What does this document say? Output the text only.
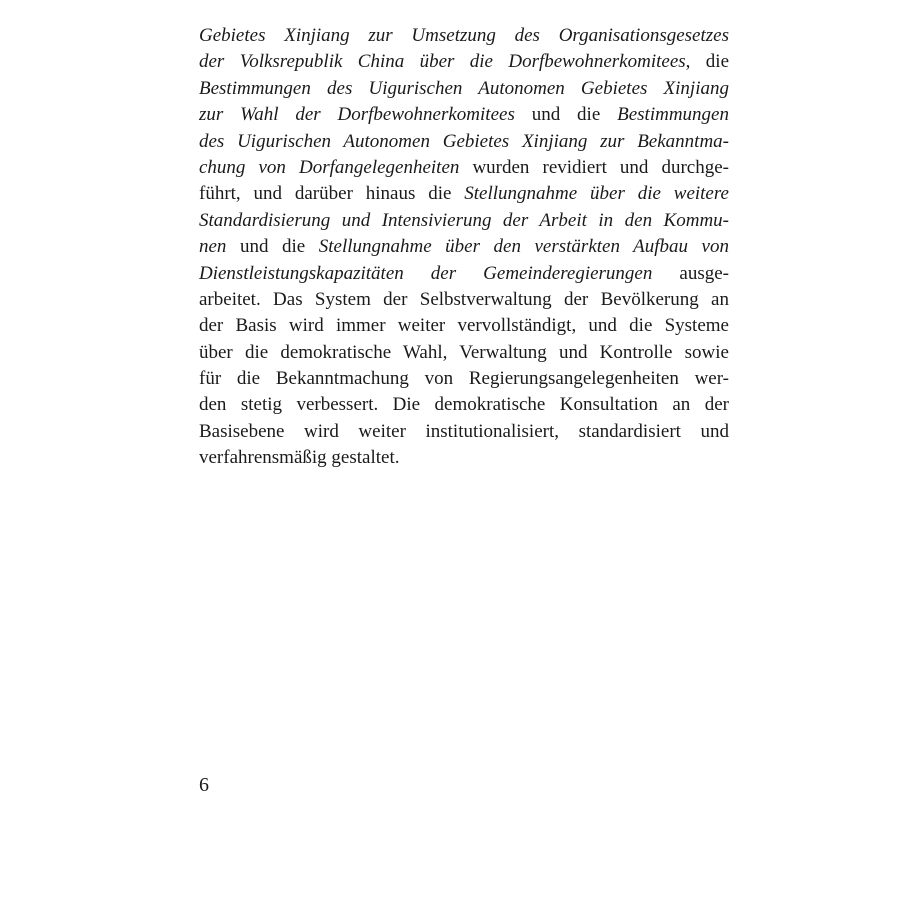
Gebietes Xinjiang zur Umsetzung des Organisationsgesetzes
der Volksrepublik China über die Dorfbewohnerkomitees, die
Bestimmungen des Uigurischen Autonomen Gebietes Xinjiang
zur Wahl der Dorfbewohnerkomitees und die Bestimmungen
des Uigurischen Autonomen Gebietes Xinjiang zur Bekanntma-
chung von Dorfangelegenheiten wurden revidiert und durchge-
führt, und darüber hinaus die Stellungnahme über die weitere
Standardisierung und Intensivierung der Arbeit in den Kommu-
nen und die Stellungnahme über den verstärkten Aufbau von
Dienstleistungskapazitäten der Gemeinderegierungen ausge-
arbeitet. Das System der Selbstverwaltung der Bevölkerung an
der Basis wird immer weiter vervollständigt, und die Systeme
über die demokratische Wahl, Verwaltung und Kontrolle sowie
für die Bekanntmachung von Regierungsangelegenheiten wer-
den stetig verbessert. Die demokratische Konsultation an der
Basisebene wird weiter institutionalisiert, standardisiert und
verfahrensmäßig gestaltet.
6
